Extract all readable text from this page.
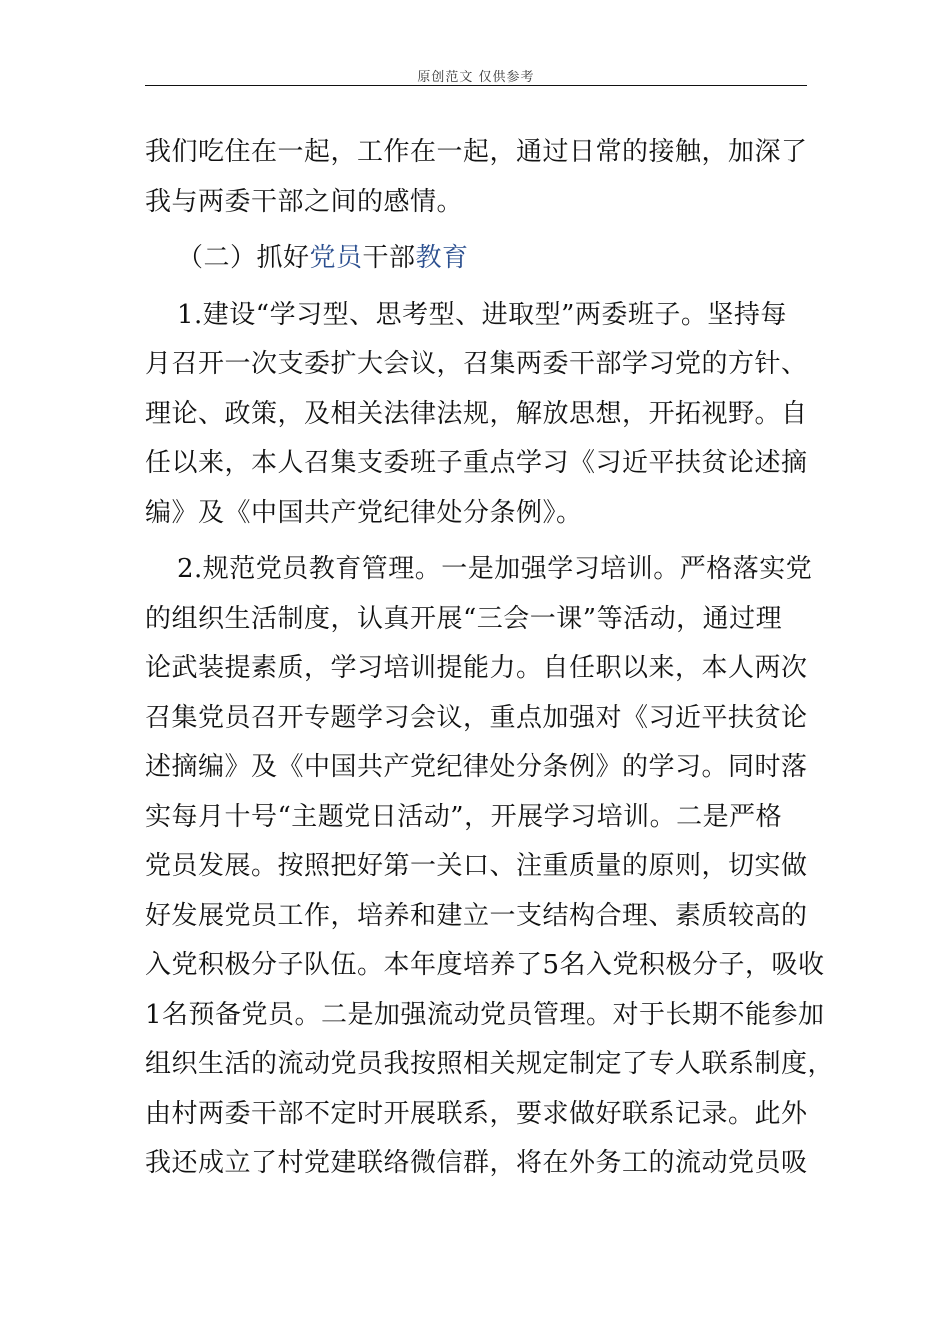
原创范文 仅供参考
我们吃住在一起，工作在一起，通过日常的接触，加深了
我与两委干部之间的感情。
（二）抓好党员干部教育
1.建设“学习型、思考型、进取型”两委班子。坚持每
月召开一次支委扩大会议，召集两委干部学习党的方针、
理论、政策，及相关法律法规，解放思想，开拓视野。自
任以来，本人召集支委班子重点学习《习近平扶贫论述摘
编》及《中国共产党纪律处分条例》。
2.规范党员教育管理。一是加强学习培训。严格落实党
的组织生活制度，认真开展“三会一课”等活动，通过理
论武装提素质，学习培训提能力。自任职以来，本人两次
召集党员召开专题学习会议，重点加强对《习近平扶贫论
述摘编》及《中国共产党纪律处分条例》的学习。同时落
实每月十号“主题党日活动”，开展学习培训。二是严格
党员发展。按照把好第一关口、注重质量的原则，切实做
好发展党员工作，培养和建立一支结构合理、素质较高的
入党积极分子队伍。本年度培养了5名入党积极分子，吸收
1名预备党员。二是加强流动党员管理。对于长期不能参加
组织生活的流动党员我按照相关规定制定了专人联系制度，
由村两委干部不定时开展联系，要求做好联系记录。此外
我还成立了村党建联络微信群，将在外务工的流动党员吸
